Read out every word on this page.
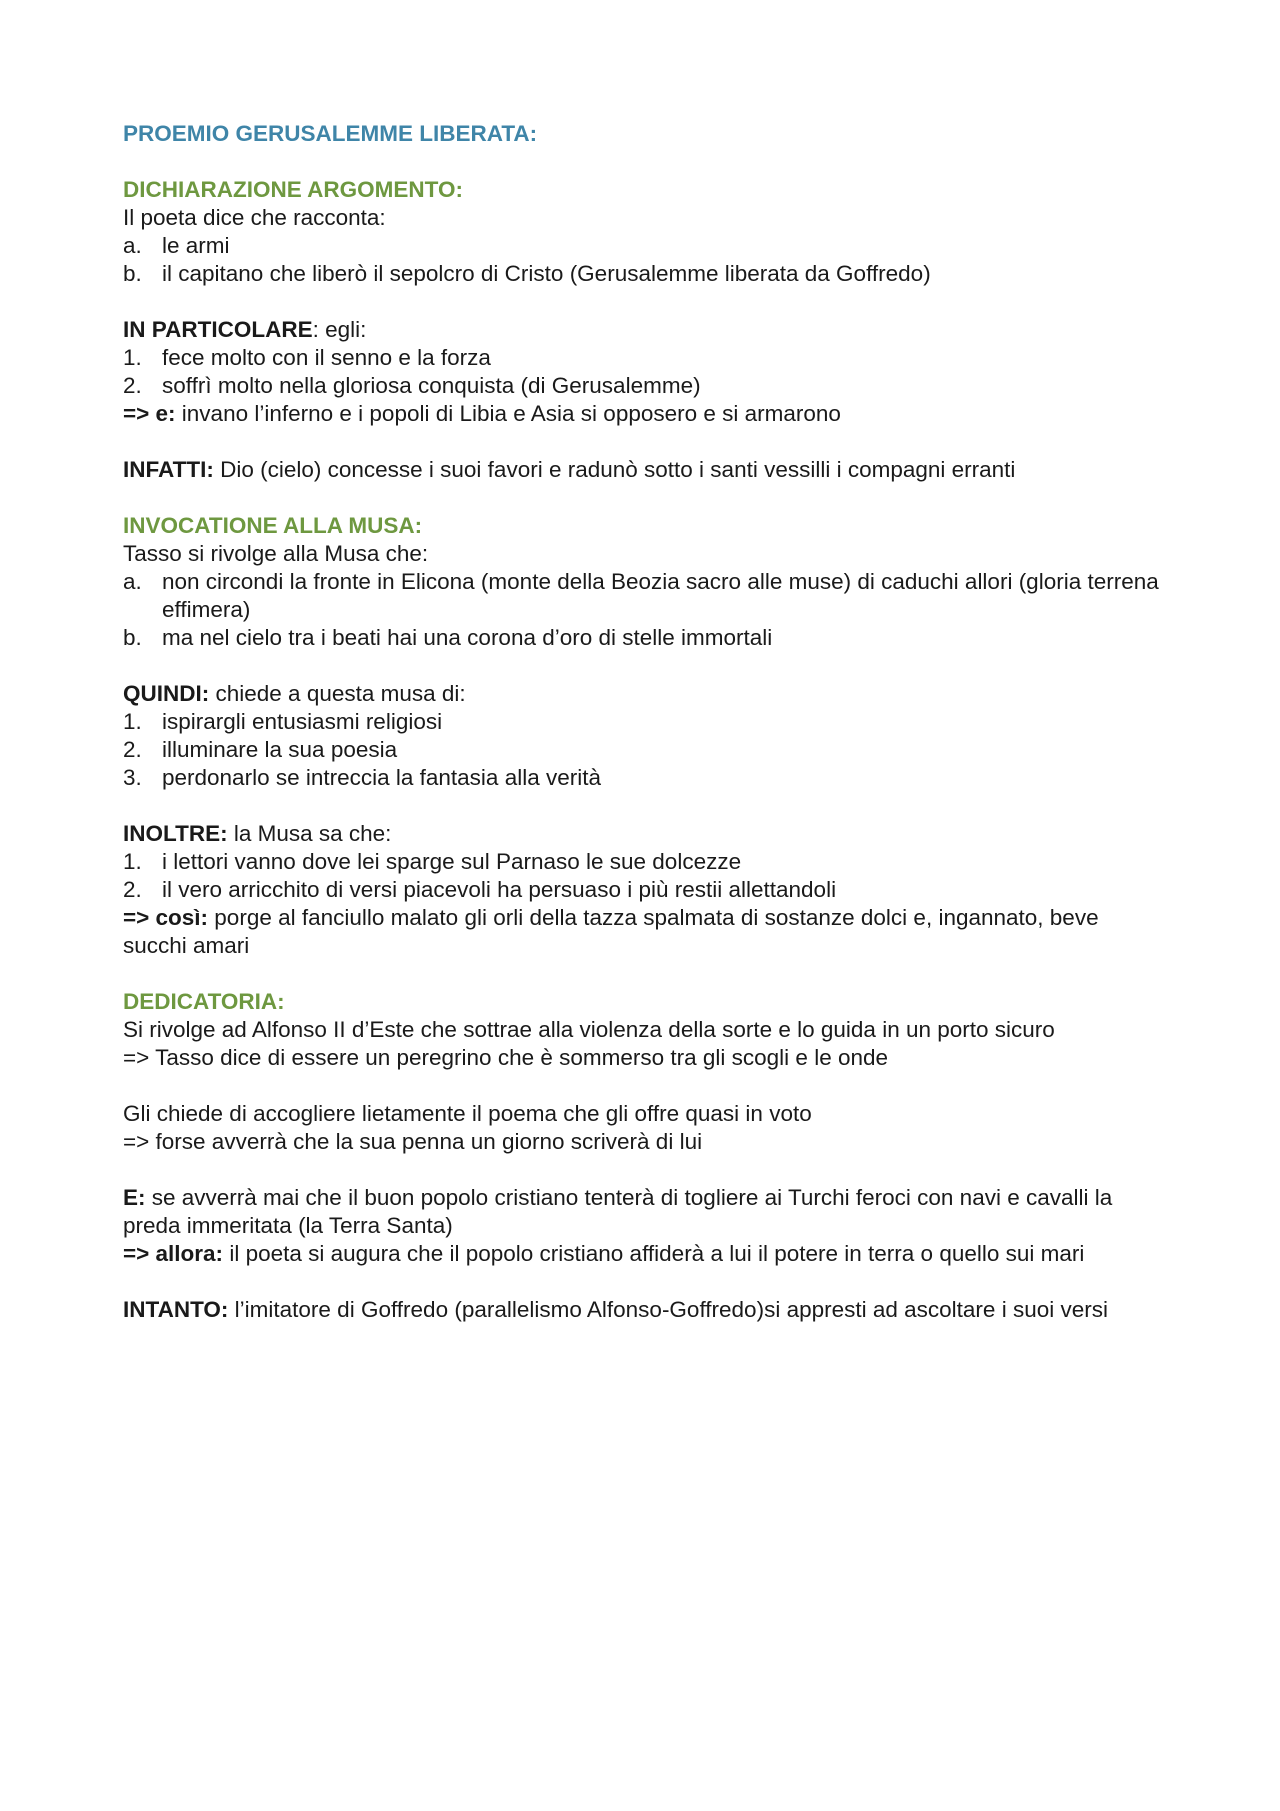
PROEMIO GERUSALEMME LIBERATA:

DICHIARAZIONE ARGOMENTO:

Il poeta dice che racconta:

a. le armi
b. il capitano che liberò il sepolcro di Cristo (Gerusalemme liberata da Goffredo)

IN PARTICOLARE: egli:

1. fece molto con il senno e la forza
2. soffrì molto nella gloriosa conquista (di Gerusalemme)

=> e: invano l’inferno e i popoli di Libia e Asia si opposero e si armarono

INFATTI: Dio (cielo) concesse i suoi favori e radunò sotto i santi vessilli i compagni erranti

INVOCATIONE ALLA MUSA:

Tasso si rivolge alla Musa che:

a. non circondi la fronte in Elicona (monte della Beozia sacro alle muse) di caduchi allori (gloria terrena effimera)
b. ma nel cielo tra i beati hai una corona d’oro di stelle immortali

QUINDI: chiede a questa musa di:

1. ispirargli entusiasmi religiosi
2. illuminare la sua poesia
3. perdonarlo se intreccia la fantasia alla verità

INOLTRE: la Musa sa che:

1. i lettori vanno dove lei sparge sul Parnaso le sue dolcezze
2. il vero arricchito di versi piacevoli ha persuaso i più restii allettandoli

=> così: porge al fanciullo malato gli orli della tazza spalmata di sostanze dolci e, ingannato, beve succhi amari

DEDICATORIA:

Si rivolge ad Alfonso II d’Este che sottrae alla violenza della sorte e lo guida in un porto sicuro

=> Tasso dice di essere un peregrino che è sommerso tra gli scogli e le onde

Gli chiede di accogliere lietamente il poema che gli offre quasi in voto

=> forse avverrà che la sua penna un giorno scriverà di lui

E: se avverrà mai che il buon popolo cristiano tenterà di togliere ai Turchi feroci con navi e cavalli la preda immeritata (la Terra Santa)

=> allora: il poeta si augura che il popolo cristiano affiderà a lui il potere in terra o quello sui mari

INTANTO: l’imitatore di Goffredo (parallelismo Alfonso-Goffredo)si appresti ad ascoltare i suoi versi
